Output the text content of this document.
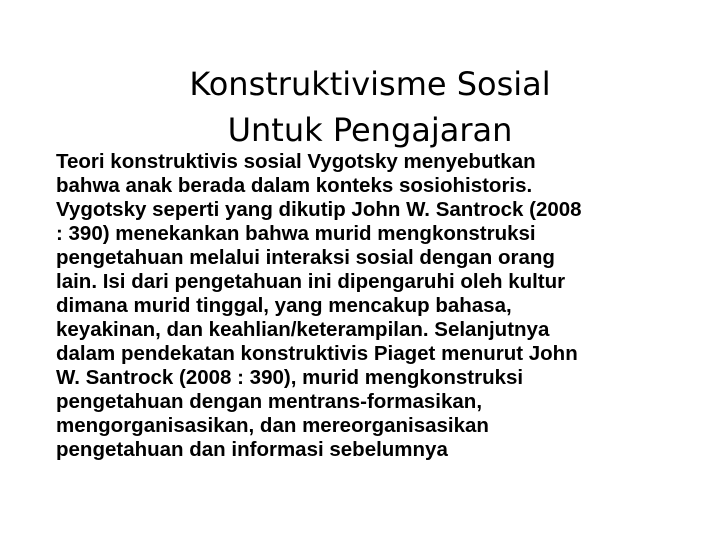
Konstruktivisme Sosial
Untuk Pengajaran
Teori konstruktivis sosial Vygotsky menyebutkan
bahwa anak berada dalam konteks sosiohistoris.
Vygotsky seperti yang dikutip John W. Santrock (2008
: 390) menekankan bahwa murid mengkonstruksi
pengetahuan melalui interaksi sosial dengan orang
lain. Isi dari pengetahuan ini dipengaruhi oleh kultur
dimana murid tinggal, yang mencakup bahasa,
keyakinan, dan keahlian/keterampilan. Selanjutnya
dalam pendekatan konstruktivis Piaget menurut John
W. Santrock (2008 : 390), murid mengkonstruksi
pengetahuan dengan mentrans-formasikan,
mengorganisasikan, dan mereorganisasikan
pengetahuan dan informasi sebelumnya
